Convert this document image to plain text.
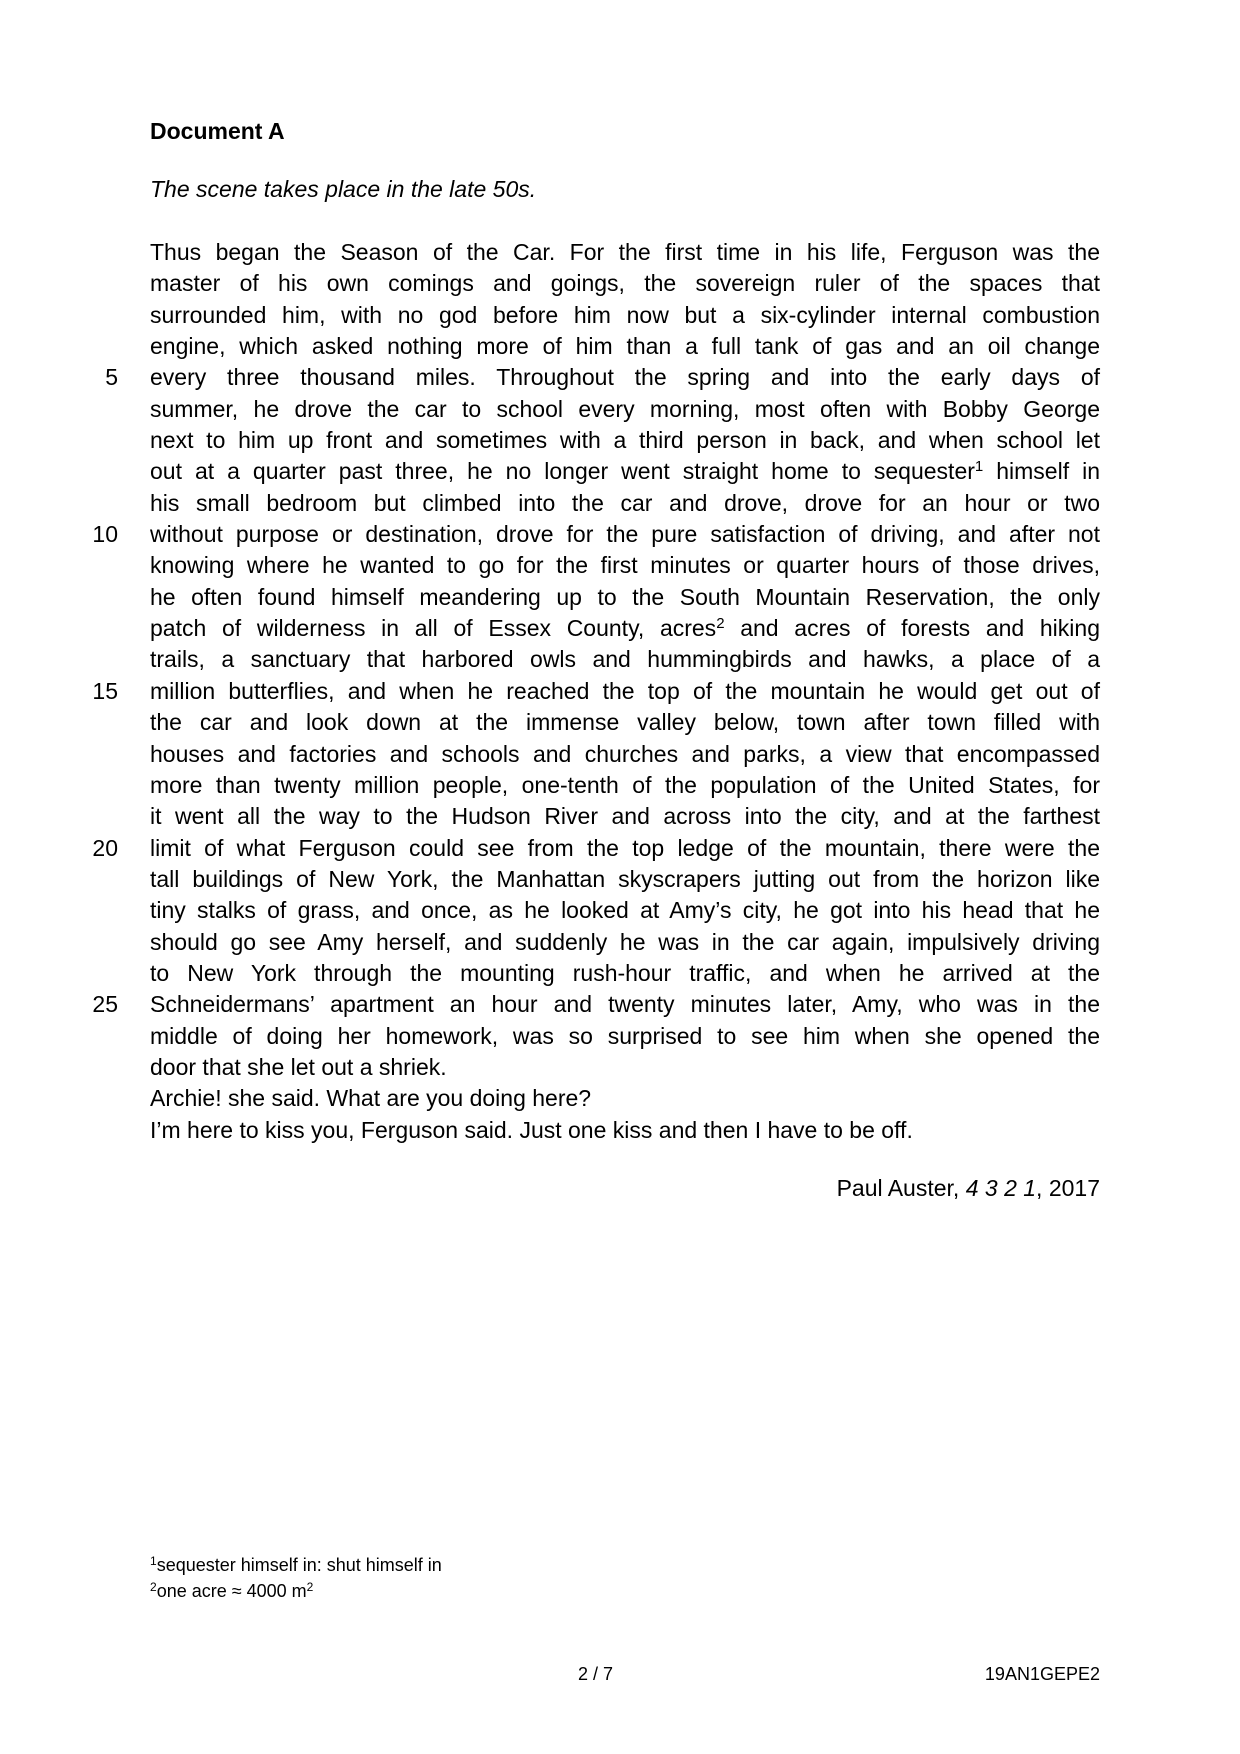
Document A
The scene takes place in the late 50s.
Thus began the Season of the Car. For the first time in his life, Ferguson was the
master of his own comings and goings, the sovereign ruler of the spaces that
surrounded him, with no god before him now but a six-cylinder internal combustion
engine, which asked nothing more of him than a full tank of gas and an oil change
5 every three thousand miles. Throughout the spring and into the early days of
summer, he drove the car to school every morning, most often with Bobby George
next to him up front and sometimes with a third person in back, and when school let
out at a quarter past three, he no longer went straight home to sequester$^1$ himself in
his small bedroom but climbed into the car and drove, drove for an hour or two
10 without purpose or destination, drove for the pure satisfaction of driving, and after not
knowing where he wanted to go for the first minutes or quarter hours of those drives,
he often found himself meandering up to the South Mountain Reservation, the only
patch of wilderness in all of Essex County, acres$^2$ and acres of forests and hiking
trails, a sanctuary that harbored owls and hummingbirds and hawks, a place of a
15 million butterflies, and when he reached the top of the mountain he would get out of
the car and look down at the immense valley below, town after town filled with
houses and factories and schools and churches and parks, a view that encompassed
more than twenty million people, one-tenth of the population of the United States, for
it went all the way to the Hudson River and across into the city, and at the farthest
20 limit of what Ferguson could see from the top ledge of the mountain, there were the
tall buildings of New York, the Manhattan skyscrapers jutting out from the horizon like
tiny stalks of grass, and once, as he looked at Amy’s city, he got into his head that he
should go see Amy herself, and suddenly he was in the car again, impulsively driving
to New York through the mounting rush-hour traffic, and when he arrived at the
25 Schneidermans’ apartment an hour and twenty minutes later, Amy, who was in the
middle of doing her homework, was so surprised to see him when she opened the
door that she let out a shriek.
Archie! she said. What are you doing here?
I’m here to kiss you, Ferguson said. Just one kiss and then I have to be off.
Paul Auster, 4 3 2 1, 2017
$^1$sequester himself in: shut himself in
$^2$one acre ≈ 4000 $m^2$
2 / 7	19AN1GEPE2
